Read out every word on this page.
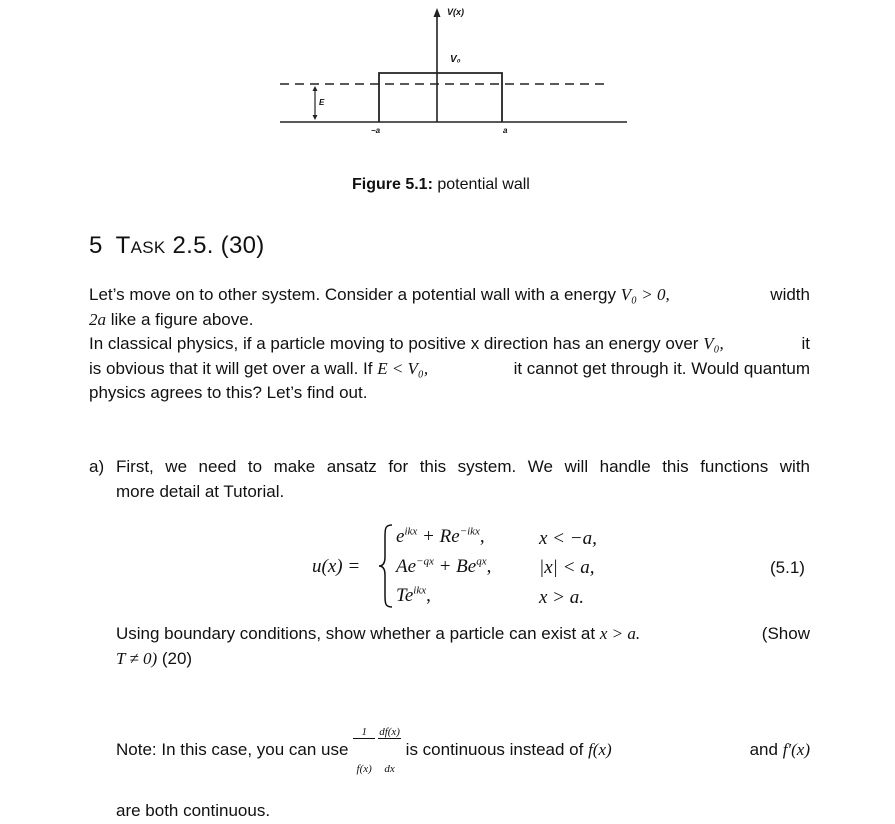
V(x)
V₀
E
−a	a
Figure 5.1: potential wall
5 Task 2.5. (30)
Let’s move on to other system. Consider a potential wall with a energy V₀ > 0,	width
2a like a figure above.
In classical physics, if a particle moving to positive x direction has an energy over V₀,	it
is obvious that it will get over a wall. If E < V₀,	it cannot get through it. Would quantum
physics agrees to this? Let’s find out.
a) First, we need to make ansatz for this system. We will handle this functions with
more detail at Tutorial.
u(x) =
$e^{ikx} + Re^{-ikx}$,	x < −a,
$Ae^{-qx} + Be^{qx}$,	|x| < a,
$Te^{ikx}$,	x > a.
(5.1)
Using boundary conditions, show whether a particle can exist at x > a.	(Show
T ≠ 0) (20)
Note: In this case, you can use

$\frac{1}{f(x)}$

$\frac{df(x)}{dx}$

is continuous instead of f(x)	and f′(x)
are both continuous.
